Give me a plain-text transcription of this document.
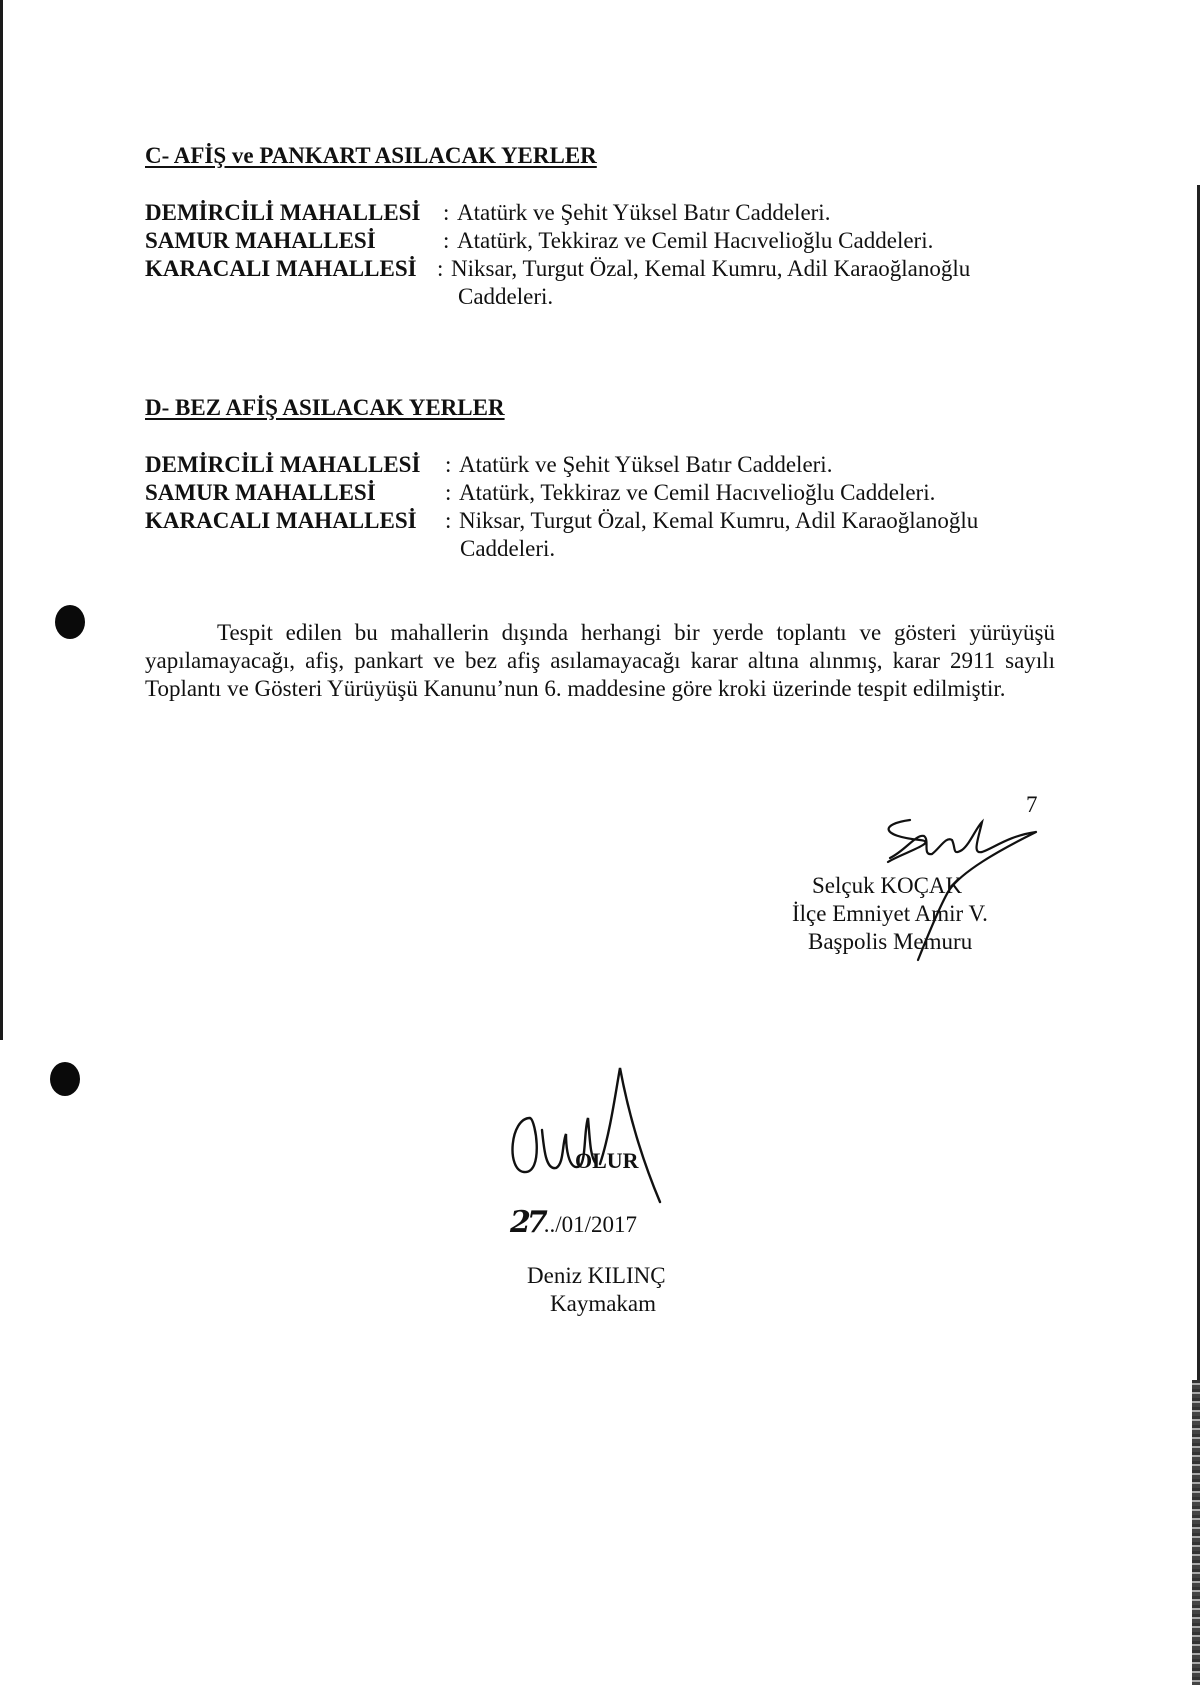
C- AFİŞ ve PANKART ASILACAK YERLER
DEMİRCİLİ MAHALLESİ : Atatürk ve Şehit Yüksel Batır Caddeleri.
SAMUR MAHALLESİ	: Atatürk, Tekkiraz ve Cemil Hacıvelioğlu Caddeleri.
KARACALI MAHALLESİ : Niksar, Turgut Özal, Kemal Kumru, Adil Karaoğlanoğlu
Caddeleri.
D- BEZ AFİŞ ASILACAK YERLER
DEMİRCİLİ MAHALLESİ : Atatürk ve Şehit Yüksel Batır Caddeleri.
SAMUR MAHALLESİ	: Atatürk, Tekkiraz ve Cemil Hacıvelioğlu Caddeleri.
KARACALI MAHALLESİ : Niksar, Turgut Özal, Kemal Kumru, Adil Karaoğlanoğlu
Caddeleri.

Tespit edilen bu mahallerin dışında herhangi bir yerde toplantı ve gösteri yürüyüşü yapılamayacağı, afiş, pankart ve bez afiş asılamayacağı karar altına alınmış, karar 2911 sayılı Toplantı ve Gösteri Yürüyüşü Kanunu’nun 6. maddesine göre kroki üzerinde tespit edilmiştir.

7
Selçuk KOÇAK
İlçe Emniyet Amir V.
Başpolis Memuru
OLUR
27../01/2017
Deniz KILINÇ
Kaymakam
